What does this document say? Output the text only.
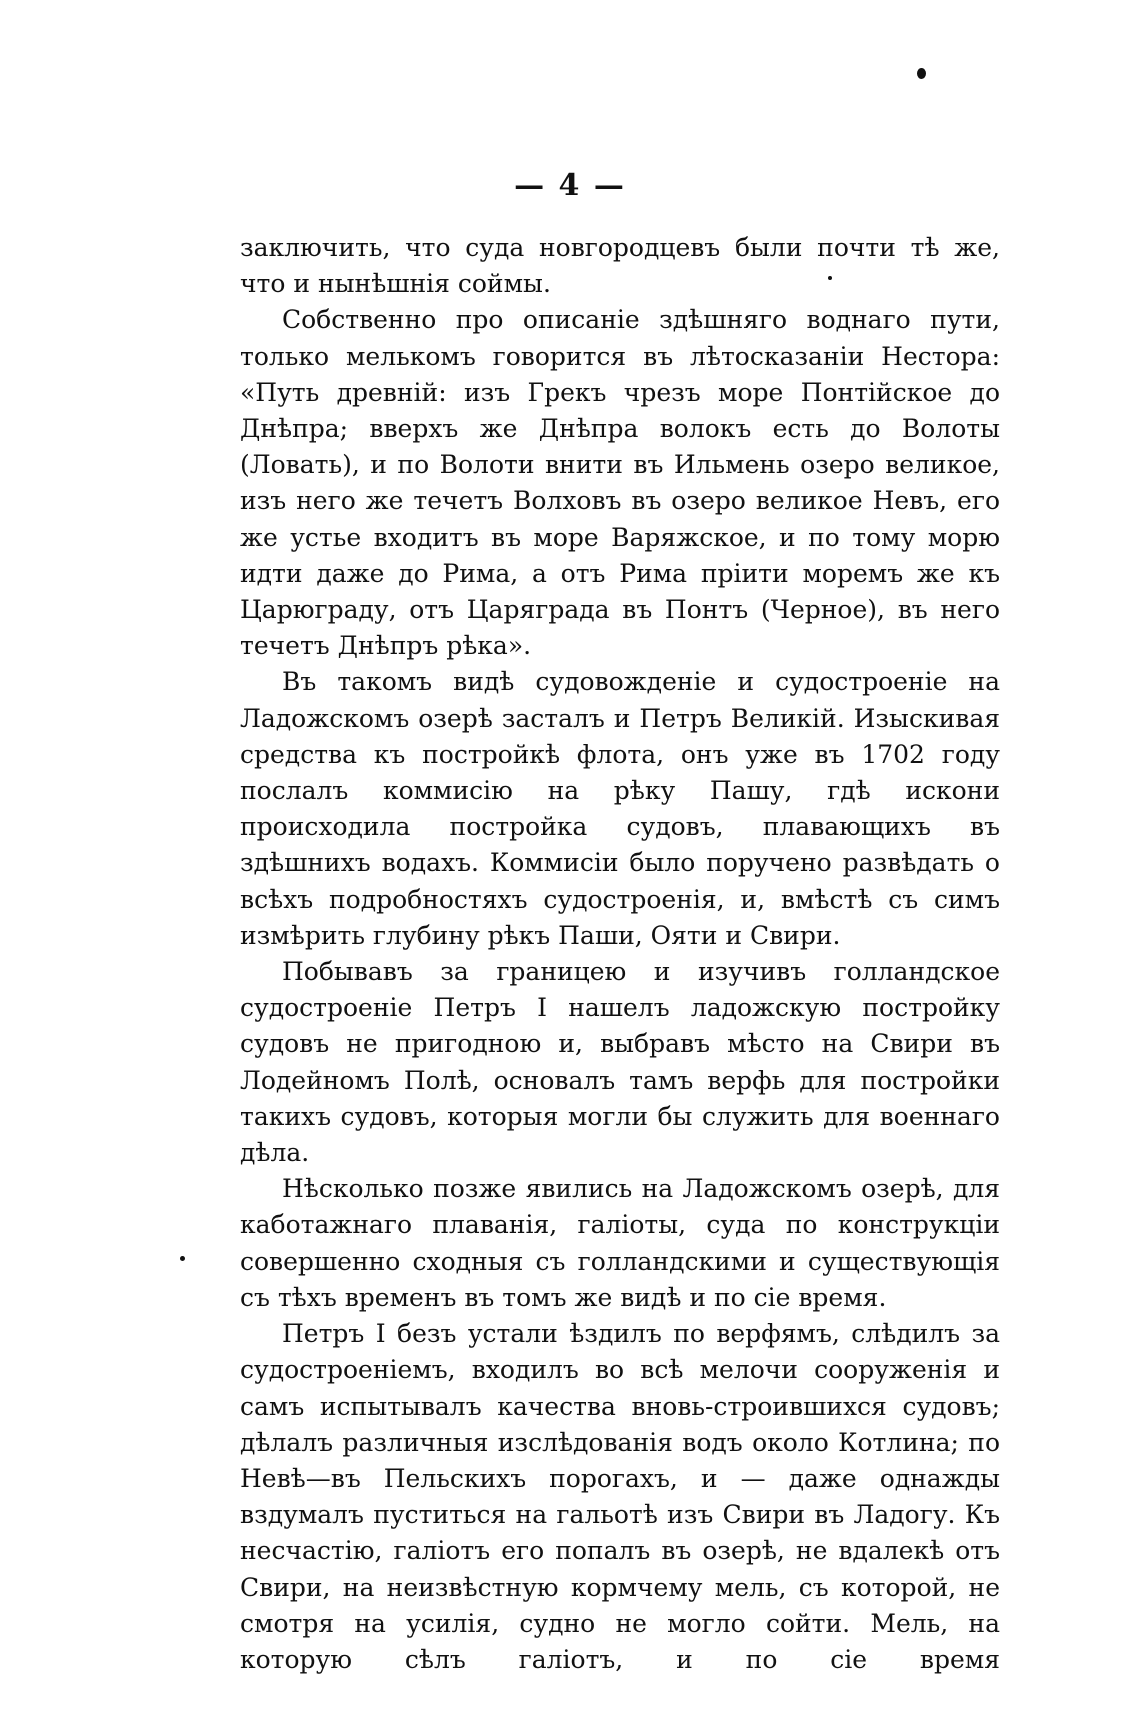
— 4 —

заключить, что суда новгородцевъ были почти тѣ же, что и нынѣшнія соймы.

Собственно про описаніе здѣшняго воднаго пути, только мелькомъ говорится въ лѣтосказаніи Нестора: «Путь древній: изъ Грекъ чрезъ море Понтійское до Днѣпра; вверхъ же Днѣпра волокъ есть до Волоты (Ловать), и по Волоти внити въ Ильмень озеро великое, изъ него же течетъ Волховъ въ озеро великое Невъ, его же устье входитъ въ море Варяжское, и по тому морю идти даже до Рима, а отъ Рима пріити моремъ же къ Царюграду, отъ Царяграда въ Понтъ (Черное), въ него течетъ Днѣпръ рѣка».

Въ такомъ видѣ судовожденіе и судостроеніе на Ладожскомъ озерѣ засталъ и Петръ Великій. Изыскивая средства къ постройкѣ флота, онъ уже въ 1702 году послалъ коммисію на рѣку Пашу, гдѣ искони происходила постройка судовъ, плавающихъ въ здѣшнихъ водахъ. Коммисіи было поручено развѣдать о всѣхъ подробностяхъ судостроенія, и, вмѣстѣ съ симъ измѣрить глубину рѣкъ Паши, Ояти и Свири.

Побывавъ за границею и изучивъ голландское судостроеніе Петръ I нашелъ ладожскую постройку судовъ не пригодною и, выбравъ мѣсто на Свири въ Лодейномъ Полѣ, основалъ тамъ верфь для постройки такихъ судовъ, которыя могли бы служить для военнаго дѣла.

Нѣсколько позже явились на Ладожскомъ озерѣ, для каботажнаго плаванія, галіоты, суда по конструкціи совершенно сходныя съ голландскими и существующія съ тѣхъ временъ въ томъ же видѣ и по сіе время.

Петръ I безъ устали ѣздилъ по верфямъ, слѣдилъ за судостроеніемъ, входилъ во всѣ мелочи сооруженія и самъ испытывалъ качества вновь-строившихся судовъ; дѣлалъ различныя изслѣдованія водъ около Котлина; по Невѣ—въ Пельскихъ порогахъ, и — даже однажды вздумалъ пуститься на гальотѣ изъ Свири въ Ладогу. Къ несчастію, галіотъ его попалъ въ озерѣ, не вдалекѣ отъ Свири, на неизвѣстную кормчему мель, съ которой, не смотря на усилія, судно не могло сойти. Мель, на которую сѣлъ галіотъ, и по сіе время
